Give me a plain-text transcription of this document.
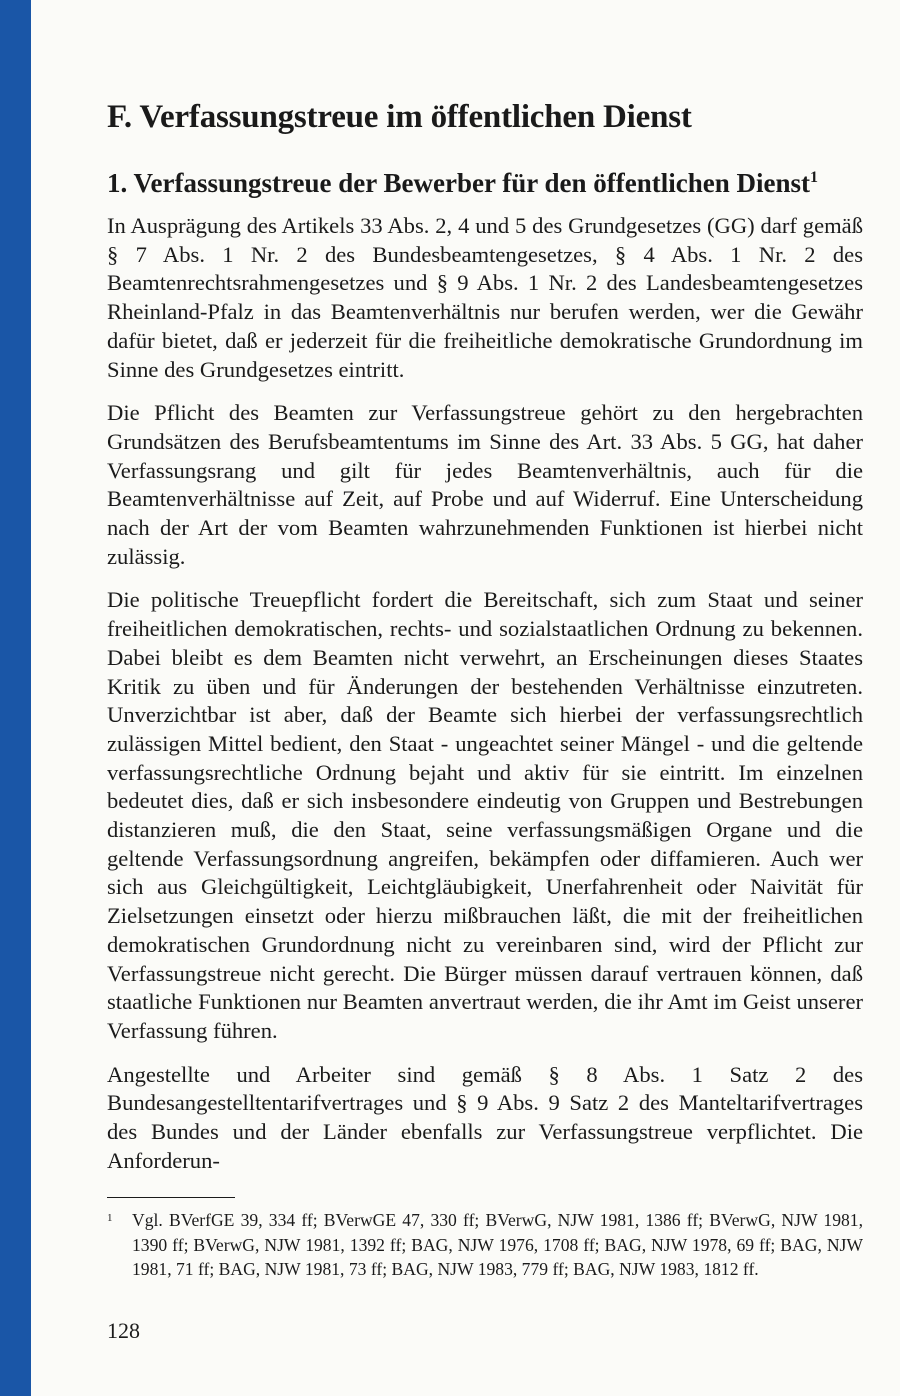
F. Verfassungstreue im öffentlichen Dienst
1. Verfassungstreue der Bewerber für den öffentlichen Dienst$^1$

In Ausprägung des Artikels 33 Abs. 2, 4 und 5 des Grundgesetzes (GG) darf gemäß § 7 Abs. 1 Nr. 2 des Bundesbeamtengesetzes, § 4 Abs. 1 Nr. 2 des Beamtenrechtsrahmengesetzes und § 9 Abs. 1 Nr. 2 des Landesbeamtengesetzes Rheinland-Pfalz in das Beamtenverhältnis nur berufen werden, wer die Gewähr dafür bietet, daß er jederzeit für die freiheitliche demokratische Grundordnung im Sinne des Grundgesetzes eintritt.

Die Pflicht des Beamten zur Verfassungstreue gehört zu den hergebrachten Grundsätzen des Berufsbeamtentums im Sinne des Art. 33 Abs. 5 GG, hat daher Verfassungsrang und gilt für jedes Beamtenverhältnis, auch für die Beamtenverhältnisse auf Zeit, auf Probe und auf Widerruf. Eine Unterscheidung nach der Art der vom Beamten wahrzunehmenden Funktionen ist hierbei nicht zulässig.

Die politische Treuepflicht fordert die Bereitschaft, sich zum Staat und seiner freiheitlichen demokratischen, rechts- und sozialstaatlichen Ordnung zu bekennen. Dabei bleibt es dem Beamten nicht verwehrt, an Erscheinungen dieses Staates Kritik zu üben und für Änderungen der bestehenden Verhältnisse einzutreten. Unverzichtbar ist aber, daß der Beamte sich hierbei der verfassungsrechtlich zulässigen Mittel bedient, den Staat - ungeachtet seiner Mängel - und die geltende verfassungsrechtliche Ordnung bejaht und aktiv für sie eintritt. Im einzelnen bedeutet dies, daß er sich insbesondere eindeutig von Gruppen und Bestrebungen distanzieren muß, die den Staat, seine verfassungsmäßigen Organe und die geltende Verfassungsordnung angreifen, bekämpfen oder diffamieren. Auch wer sich aus Gleichgültigkeit, Leichtgläubigkeit, Unerfahrenheit oder Naivität für Zielsetzungen einsetzt oder hierzu mißbrauchen läßt, die mit der freiheitlichen demokratischen Grundordnung nicht zu vereinbaren sind, wird der Pflicht zur Verfassungstreue nicht gerecht. Die Bürger müssen darauf vertrauen können, daß staatliche Funktionen nur Beamten anvertraut werden, die ihr Amt im Geist unserer Verfassung führen.

Angestellte und Arbeiter sind gemäß § 8 Abs. 1 Satz 2 des Bundesangestelltentarifvertrages und § 9 Abs. 9 Satz 2 des Manteltarifvertrages des Bundes und der Länder ebenfalls zur Verfassungstreue verpflichtet. Die Anforderun-

1	Vgl. BVerfGE 39, 334 ff; BVerwGE 47, 330 ff; BVerwG, NJW 1981, 1386 ff; BVerwG, NJW 1981, 1390 ff; BVerwG, NJW 1981, 1392 ff; BAG, NJW 1976, 1708 ff; BAG, NJW 1978, 69 ff; BAG, NJW 1981, 71 ff; BAG, NJW 1981, 73 ff; BAG, NJW 1983, 779 ff; BAG, NJW 1983, 1812 ff.

128
